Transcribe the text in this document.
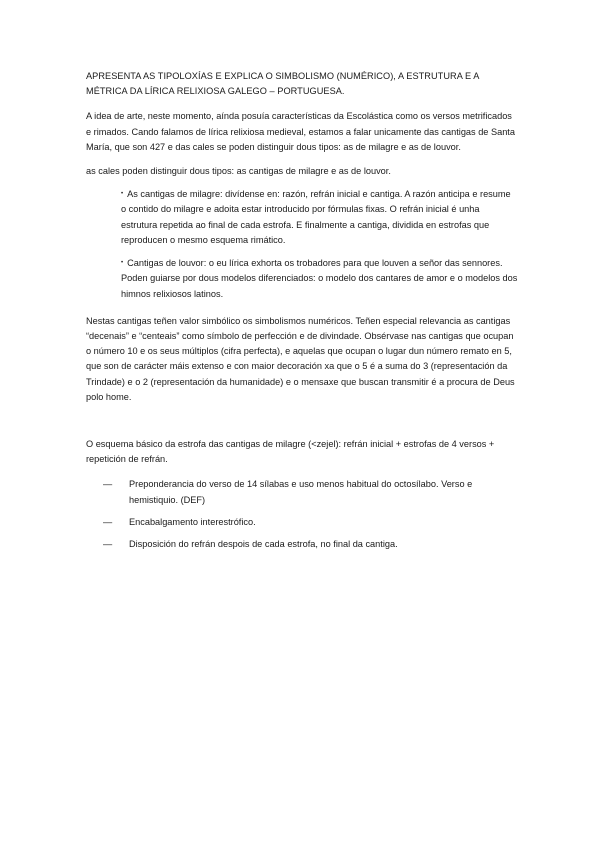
APRESENTA AS TIPOLOXÍAS E EXPLICA O SIMBOLISMO (NUMÉRICO), A ESTRUTURA E A MÉTRICA DA LÍRICA RELIXIOSA GALEGO – PORTUGUESA.

A idea de arte, neste momento, aínda posuía características da Escolástica como os versos metrificados e rimados. Cando falamos de lírica relixiosa medieval, estamos a falar unicamente das cantigas de Santa María, que son 427 e das cales se poden distinguir dous tipos: as de milagre e as de louvor.

as cales poden distinguir dous tipos: as cantigas de milagre e as de louvor.

• As cantigas de milagre: divídense en: razón, refrán inicial e cantiga. A razón anticipa e resume o contido do milagre e adoita estar introducido por fórmulas fixas. O refrán inicial é unha estrutura repetida ao final de cada estrofa. E finalmente a cantiga, dividida en estrofas que reproducen o mesmo esquema rimático.
• Cantigas de louvor: o eu lírica exhorta os trobadores para que louven a señor das sennores. Poden guiarse por dous modelos diferenciados: o modelo dos cantares de amor e o modelos dos himnos relixiosos latinos.

Nestas cantigas teñen valor simbólico os simbolismos numéricos. Teñen especial relevancia as cantigas “decenais” e “centeais” como símbolo de perfección e de divindade. Obsérvase nas cantigas que ocupan o número 10 e os seus múltiplos (cifra perfecta), e aquelas que ocupan o lugar dun número remato en 5, que son de carácter máis extenso e con maior decoración xa que o 5 é a suma do 3 (representación da Trindade) e o 2 (representación da humanidade) e o mensaxe que buscan transmitir é a procura de Deus polo home.

O esquema básico da estrofa das cantigas de milagre (<zejel): refrán inicial + estrofas de 4 versos + repetición de refrán.

—	Preponderancia do verso de 14 sílabas e uso menos habitual do octosílabo. Verso e hemistiquio. (DEF)
—	Encabalgamento interestrófico.
—	Disposición do refrán despois de cada estrofa, no final da cantiga.
